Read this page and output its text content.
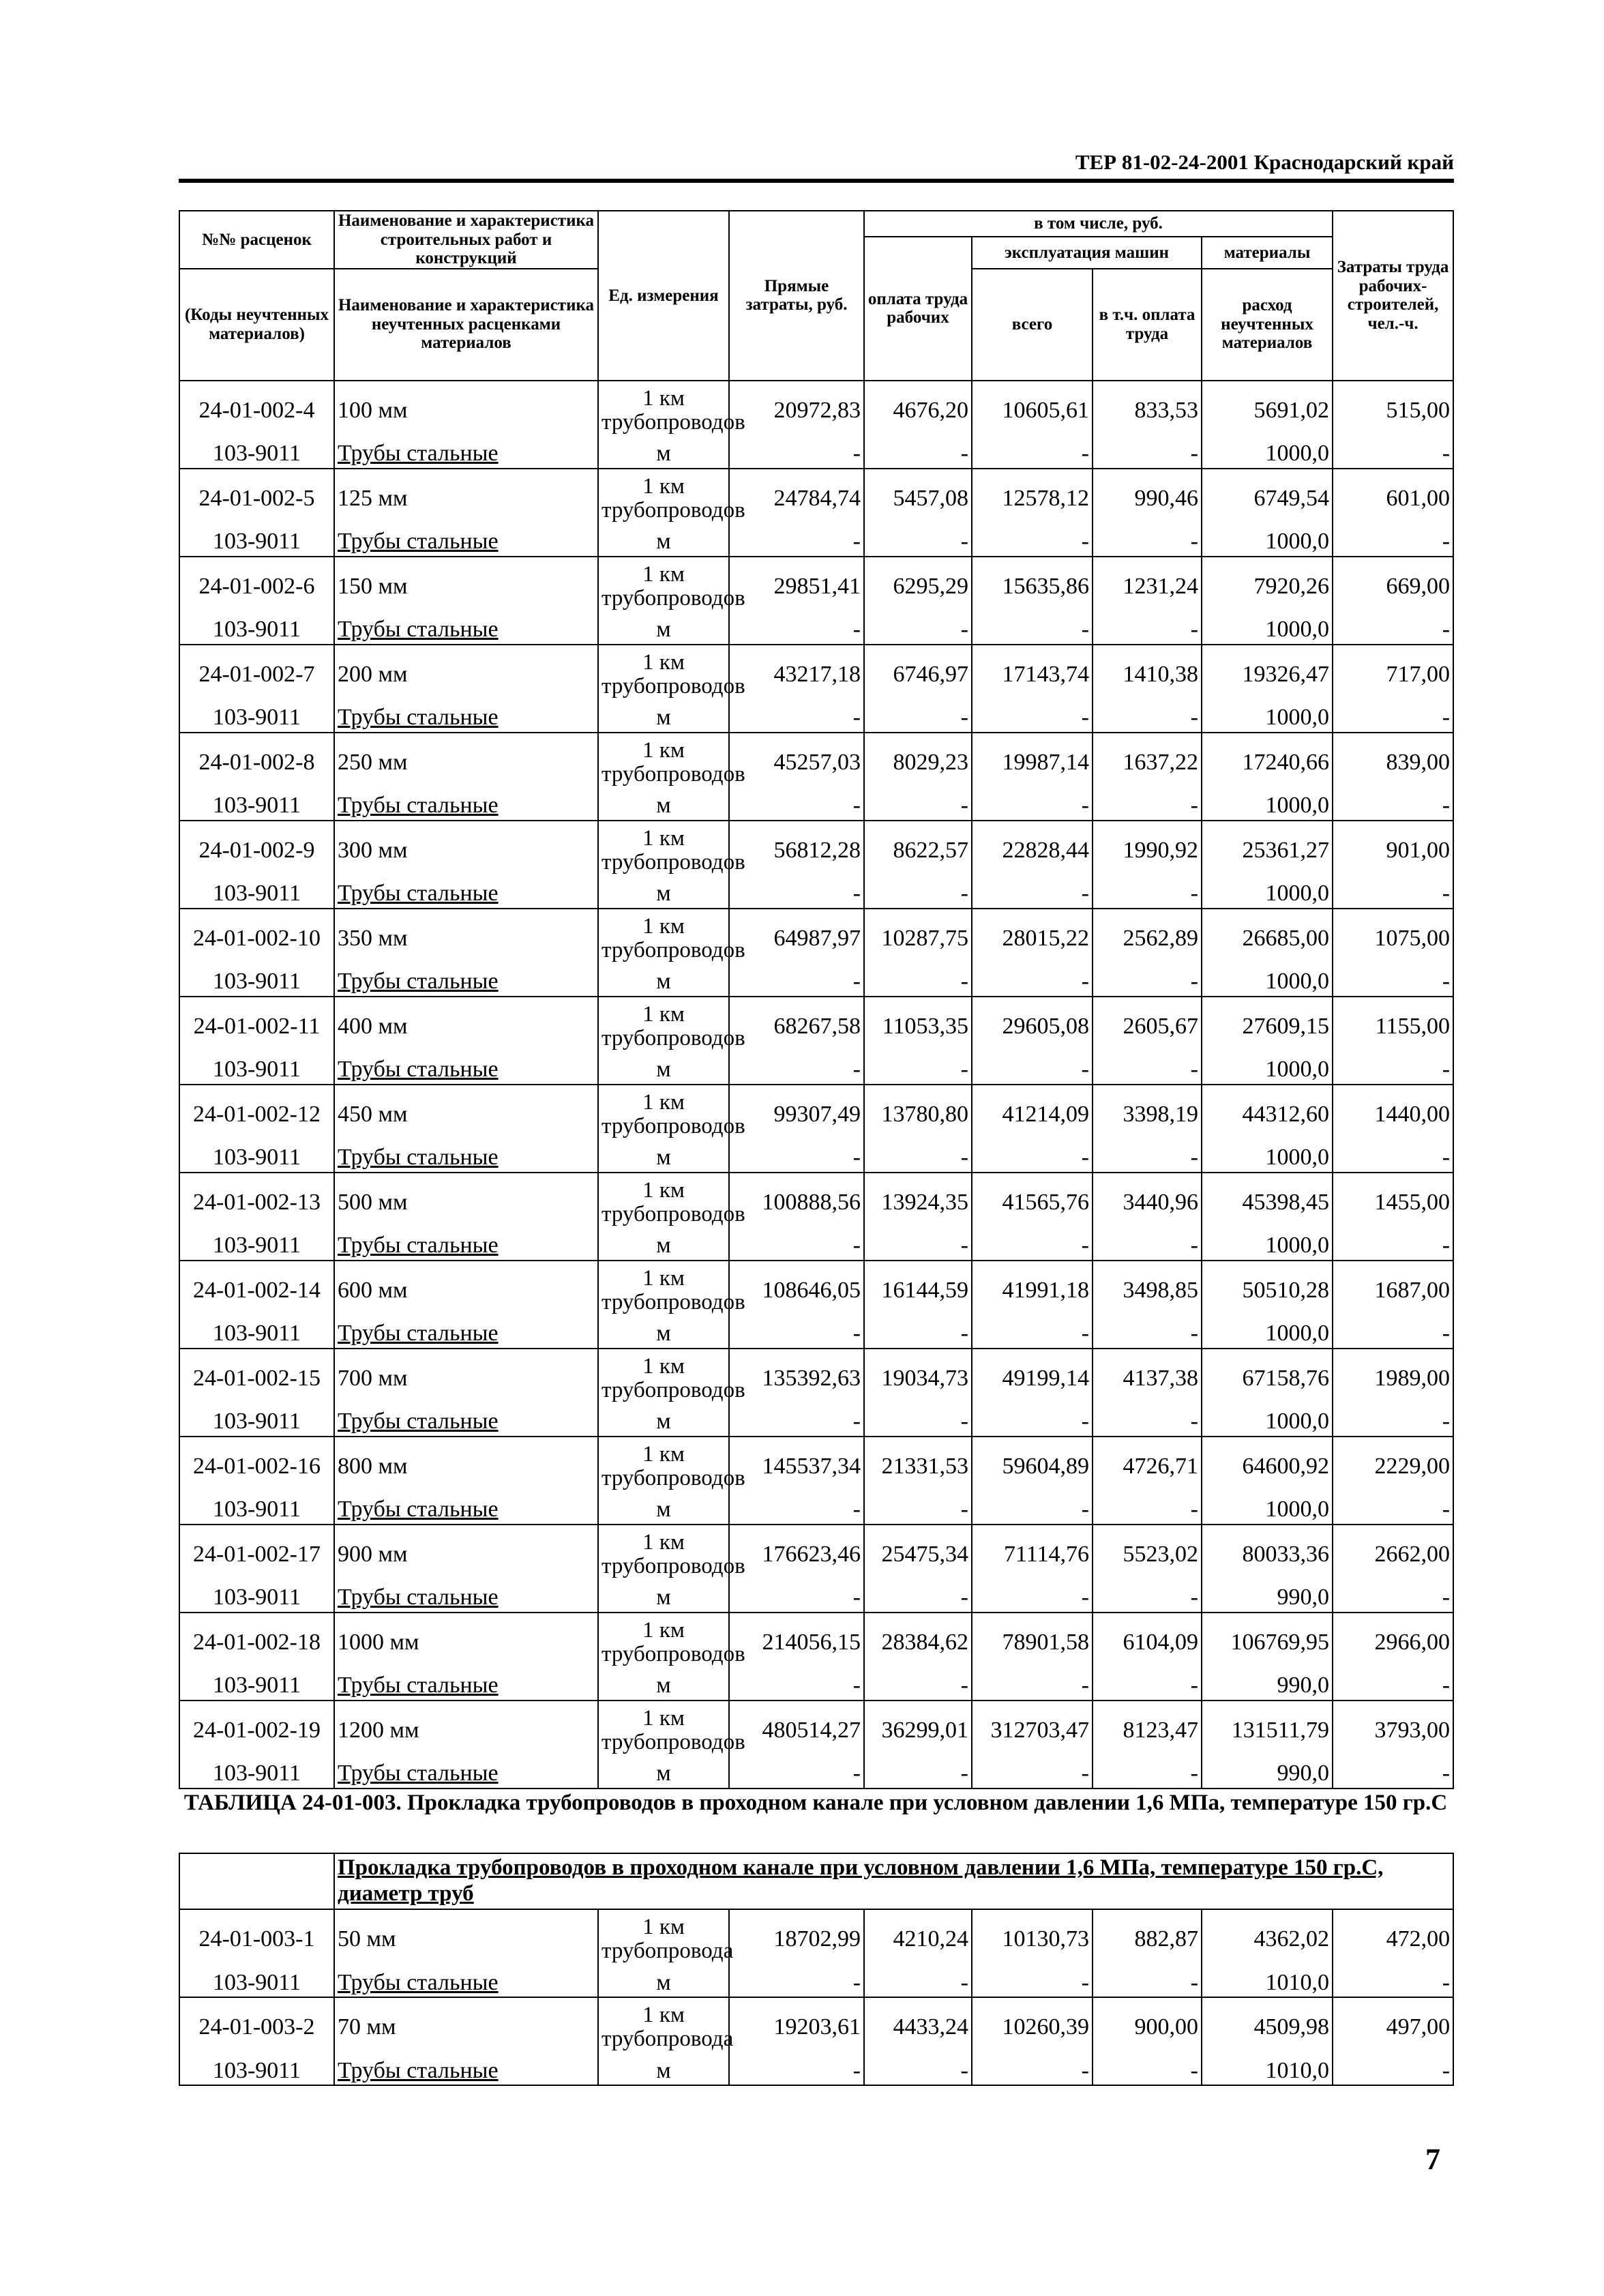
ТЕР 81-02-24-2001 Краснодарский край
№№ расценок	Наименование и характеристика строительных работ и конструкций	Ед. измерения	Прямые затраты, руб.	в том числе, руб.				Затраты труда рабочих-строителей, чел.-ч.
				оплата труда рабочих	эксплуатация машин		материалы	
(Коды неучтенных материалов)	Наименование и характеристика неучтенных расценками материалов				всего	в т.ч. оплата труда	расход неучтенных материалов	

24-01-002-4	100 мм	1 км трубопроводов	20972,83	4676,20	10605,61	833,53	5691,02	515,00
103-9011	Трубы стальные	м	-	-	-	-	1000,0	-
24-01-002-5	125 мм	1 км трубопроводов	24784,74	5457,08	12578,12	990,46	6749,54	601,00
103-9011	Трубы стальные	м	-	-	-	-	1000,0	-
24-01-002-6	150 мм	1 км трубопроводов	29851,41	6295,29	15635,86	1231,24	7920,26	669,00
103-9011	Трубы стальные	м	-	-	-	-	1000,0	-
24-01-002-7	200 мм	1 км трубопроводов	43217,18	6746,97	17143,74	1410,38	19326,47	717,00
103-9011	Трубы стальные	м	-	-	-	-	1000,0	-
24-01-002-8	250 мм	1 км трубопроводов	45257,03	8029,23	19987,14	1637,22	17240,66	839,00
103-9011	Трубы стальные	м	-	-	-	-	1000,0	-
24-01-002-9	300 мм	1 км трубопроводов	56812,28	8622,57	22828,44	1990,92	25361,27	901,00
103-9011	Трубы стальные	м	-	-	-	-	1000,0	-
24-01-002-10	350 мм	1 км трубопроводов	64987,97	10287,75	28015,22	2562,89	26685,00	1075,00
103-9011	Трубы стальные	м	-	-	-	-	1000,0	-
24-01-002-11	400 мм	1 км трубопроводов	68267,58	11053,35	29605,08	2605,67	27609,15	1155,00
103-9011	Трубы стальные	м	-	-	-	-	1000,0	-
24-01-002-12	450 мм	1 км трубопроводов	99307,49	13780,80	41214,09	3398,19	44312,60	1440,00
103-9011	Трубы стальные	м	-	-	-	-	1000,0	-
24-01-002-13	500 мм	1 км трубопроводов	100888,56	13924,35	41565,76	3440,96	45398,45	1455,00
103-9011	Трубы стальные	м	-	-	-	-	1000,0	-
24-01-002-14	600 мм	1 км трубопроводов	108646,05	16144,59	41991,18	3498,85	50510,28	1687,00
103-9011	Трубы стальные	м	-	-	-	-	1000,0	-
24-01-002-15	700 мм	1 км трубопроводов	135392,63	19034,73	49199,14	4137,38	67158,76	1989,00
103-9011	Трубы стальные	м	-	-	-	-	1000,0	-
24-01-002-16	800 мм	1 км трубопроводов	145537,34	21331,53	59604,89	4726,71	64600,92	2229,00
103-9011	Трубы стальные	м	-	-	-	-	1000,0	-
24-01-002-17	900 мм	1 км трубопроводов	176623,46	25475,34	71114,76	5523,02	80033,36	2662,00
103-9011	Трубы стальные	м	-	-	-	-	990,0	-
24-01-002-18	1000 мм	1 км трубопроводов	214056,15	28384,62	78901,58	6104,09	106769,95	2966,00
103-9011	Трубы стальные	м	-	-	-	-	990,0	-
24-01-002-19	1200 мм	1 км трубопроводов	480514,27	36299,01	312703,47	8123,47	131511,79	3793,00
103-9011	Трубы стальные	м	-	-	-	-	990,0	-
ТАБЛИЦА 24-01-003. Прокладка трубопроводов в проходном канале при условном давлении 1,6 МПа, температуре 150 гр.С
	Прокладка трубопроводов в проходном канале при условном давлении 1,6 МПа, температуре 150 гр.С, диаметр труб							
24-01-003-1	50 мм	1 км трубопровода	18702,99	4210,24	10130,73	882,87	4362,02	472,00
103-9011	Трубы стальные	м	-	-	-	-	1010,0	-
24-01-003-2	70 мм	1 км трубопровода	19203,61	4433,24	10260,39	900,00	4509,98	497,00
103-9011	Трубы стальные	м	-	-	-	-	1010,0	-
7
